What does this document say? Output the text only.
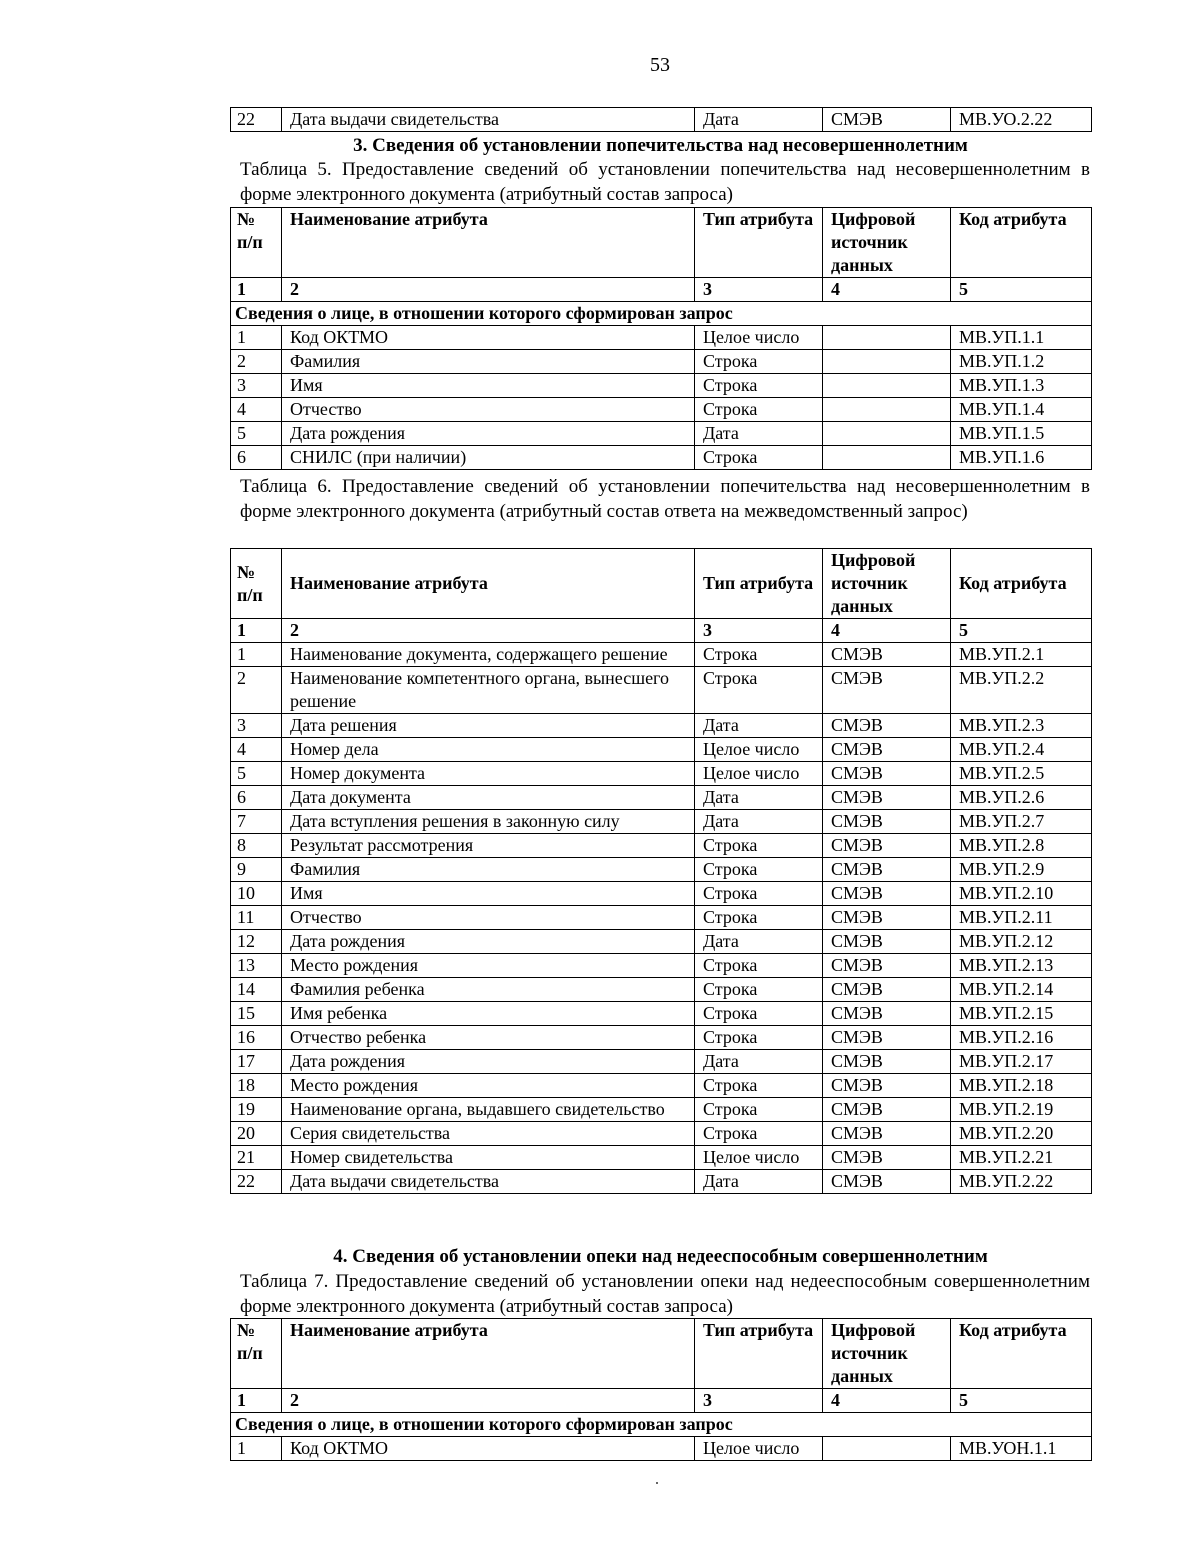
53
22	Дата выдачи свидетельства	Дата	СМЭВ	МВ.УО.2.22
3. Сведения об установлении попечительства над несовершеннолетним
Таблица 5. Предоставление сведений об установлении попечительства над несовершеннолетним в форме электронного документа (атрибутный состав запроса)
№ п/п	Наименование атрибута	Тип атрибута	Цифровой источник данных	Код атрибута
1	2	3	4	5
Сведения о лице, в отношении которого сформирован запрос				
1	Код ОКТМО	Целое число		МВ.УП.1.1
2	Фамилия	Строка		МВ.УП.1.2
3	Имя	Строка		МВ.УП.1.3
4	Отчество	Строка		МВ.УП.1.4
5	Дата рождения	Дата		МВ.УП.1.5
6	СНИЛС (при наличии)	Строка		МВ.УП.1.6
Таблица 6. Предоставление сведений об установлении попечительства над несовершеннолетним в форме электронного документа (атрибутный состав ответа на межведомственный запрос)
№ п/п	Наименование атрибута	Тип атрибута	Цифровой источник данных	Код атрибута
1	2	3	4	5
1	Наименование документа, содержащего решение	Строка	СМЭВ	МВ.УП.2.1
2	Наименование компетентного органа, вынесшего решение	Строка	СМЭВ	МВ.УП.2.2
3	Дата решения	Дата	СМЭВ	МВ.УП.2.3
4	Номер дела	Целое число	СМЭВ	МВ.УП.2.4
5	Номер документа	Целое число	СМЭВ	МВ.УП.2.5
6	Дата документа	Дата	СМЭВ	МВ.УП.2.6
7	Дата вступления решения в законную силу	Дата	СМЭВ	МВ.УП.2.7
8	Результат рассмотрения	Строка	СМЭВ	МВ.УП.2.8
9	Фамилия	Строка	СМЭВ	МВ.УП.2.9
10	Имя	Строка	СМЭВ	МВ.УП.2.10
11	Отчество	Строка	СМЭВ	МВ.УП.2.11
12	Дата рождения	Дата	СМЭВ	МВ.УП.2.12
13	Место рождения	Строка	СМЭВ	МВ.УП.2.13
14	Фамилия ребенка	Строка	СМЭВ	МВ.УП.2.14
15	Имя ребенка	Строка	СМЭВ	МВ.УП.2.15
16	Отчество ребенка	Строка	СМЭВ	МВ.УП.2.16
17	Дата рождения	Дата	СМЭВ	МВ.УП.2.17
18	Место рождения	Строка	СМЭВ	МВ.УП.2.18
19	Наименование органа, выдавшего свидетельство	Строка	СМЭВ	МВ.УП.2.19
20	Серия свидетельства	Строка	СМЭВ	МВ.УП.2.20
21	Номер свидетельства	Целое число	СМЭВ	МВ.УП.2.21
22	Дата выдачи свидетельства	Дата	СМЭВ	МВ.УП.2.22
4. Сведения об установлении опеки над недееспособным совершеннолетним
Таблица 7. Предоставление сведений об установлении опеки над недееспособным совершеннолетним форме электронного документа (атрибутный состав запроса)
№ п/п	Наименование атрибута	Тип атрибута	Цифровой источник данных	Код атрибута
1	2	3	4	5
Сведения о лице, в отношении которого сформирован запрос				
1	Код ОКТМО	Целое число		МВ.УОН.1.1
